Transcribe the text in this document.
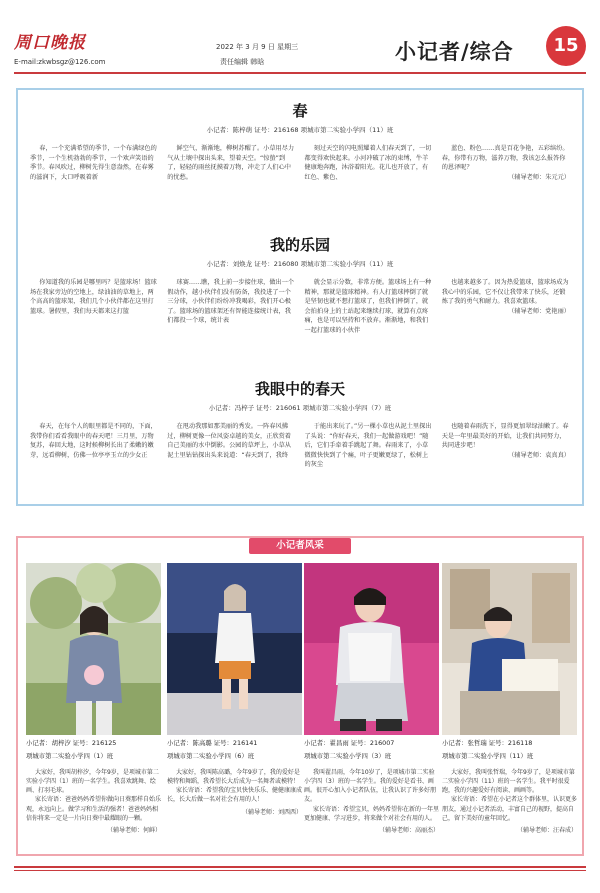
周口晚报
E-mail:zkwbsgz@126.com
2022 年 3 月 9 日 星期三
责任编辑 韩晗	小记者/综合	15
春
小记者：陈梓萌 证号：216168 项城市第二实验小学四（11）班

春，一个充满希望的季节，一个布满绿色的季节，一个生机勃勃的季节，一个欢声笑语的季节。春风吹过，柳树先得生意盎然，在春雾的滋润下，大口呼吸着新

鲜空气，渐渐地，柳树苏醒了。小草用尽力气从土壤中探出头来，望着天空。“惊蛰”到了，轻轻的雨丝抚摸着万物，冲走了人们心中的忧愁。

刻过天空的闪电照耀着人们春天到了，一切都变得欢快起来。小河冲破了冰的束缚，牛羊健康地奔跑，沐浴着阳光。花儿也开放了，有红色、紫色、

蓝色、粉色……真是百花争艳，五彩缤纷。春，你带有万物，滋养万物，我该怎么报答你的恩泽呢？

（辅导老师：朱元元）
我的乐园
小记者：刘焕龙 证号：216080 项城市第二实验小学四（11）班

你知道我的乐园是哪里吗？是篮球场！篮球场在我家旁边的空地上，绿油油的草地上，两个高高的篮球架，我们几个小伙伴都在这里打篮球。暑假里，我们每天都来这打篮

球赛……瞧，我上前一步接住球，做出一个假动作，越小伙伴们没有防备，我投进了一个三分球，小伙伴们纷纷冲我喝彩，我们开心极了。篮球场的篮球架还有智能连接统计表，我们都投一个球，统计表

就会显示分数，非常方便。篮球场上有一种精神，那就是篮球精神。有人打篮球摔倒了就是坚韧也就不想打篮球了，但我们摔倒了，就会拍拍身上的土站起来继续打球，就算有点疼痛，也是可以坚持和不放弃。渐渐地，和我们一起打篮球的小伙伴

也越来越多了。因为热爱篮球，篮球场成为我心中的乐园，它不仅让我带来了快乐，还锻炼了我的勇气和耐力。我喜欢篮球。

（辅导老师：党艳丽）
我眼中的春天
小记者：冯梓子 证号：216061 项城市第二实验小学四（7）班

春天，在每个人的眼里都是不同的，下面，我带你们看看我眼中的春天吧！三月里，万物复苏，春回大地，这时候柳树长出了柔嫩的嫩芽，远看柳树，仿佛一位亭亭玉立的少女正

在甩动我那如那美丽的秀发。一阵春风拂过，柳树更像一位风姿卓越的美女，正欣赏着自己美丽的水中倒影。公园的草坪上，小草从泥土里钻钻探出头来说道：“春天到了，我终

于能出来玩了。”另一棵小草也从泥土里探出了头说：“你好春天，我们一起做游戏吧！”随后，它们手牵着手跳起了舞。春雨来了，小草微微快快到了个痛，叶子更嫩更绿了，松树上的灰尘

也随着春雨洗下，显得更加翠绿油嫩了。春天是一年里最美好的开始，让我们共同努力，共同进步吧！

（辅导老师：袁真真）
小记者风采
小记者：胡梓汐 证号：216125
项城市第二实验小学四（1）班
大家好，我叫胡梓汐，今年9岁，是项城市第二实验小学四（1）班的一名学生。我喜欢跳舞、绘画、打羽毛球。
家长寄语：爸爸妈妈希望你做向日葵那样自始乐观，永远向上。做学习和生活的强者！爸爸妈妈相信你将来一定是一片向日葵中最耀眼的一颗。
（辅导老师：何鲜）
小记者：陈高璐 证号：216141
项城市第二实验小学四（6）班
大家好，我叫陈高璐，今年9岁了，我的爱好是模特和舞蹈，我希望长大后成为一名舞者或模特！
家长寄语：希望我的宝贝快快乐乐、健健康康成长，长大后做一名对社会有用的人！
（辅导老师：刘西西）
小记者：翟昌雨 证号：216007
项城市第二实验小学四（3）班
我叫翟昌雨，今年10岁了，是项城市第二实验小学四（3）班的一名学生。我的爱好是看书、画画。很开心加入小记者队伍，让我认识了许多好朋友。
家长寄语：希望宝贝，妈妈希望你在新的一年里更加健康、学习进步，将来做个对社会有用的人。
（辅导老师：高丽杰）
小记者：张哲瑞 证号：216118
项城市第二实验小学四（11）班
大家好，我叫张哲瑞，今年9岁了，是项城市第二实验小学四（11）班的一名学生。我平时很爱跑，我的兴趣爱好有阅读、画画等。
家长寄语：希望在小记者这个群体里，认识更多朋友，通过小记者活动，丰富自己的视野，提高自己，留下美好的童年回忆。
（辅导老师：汪春成）
